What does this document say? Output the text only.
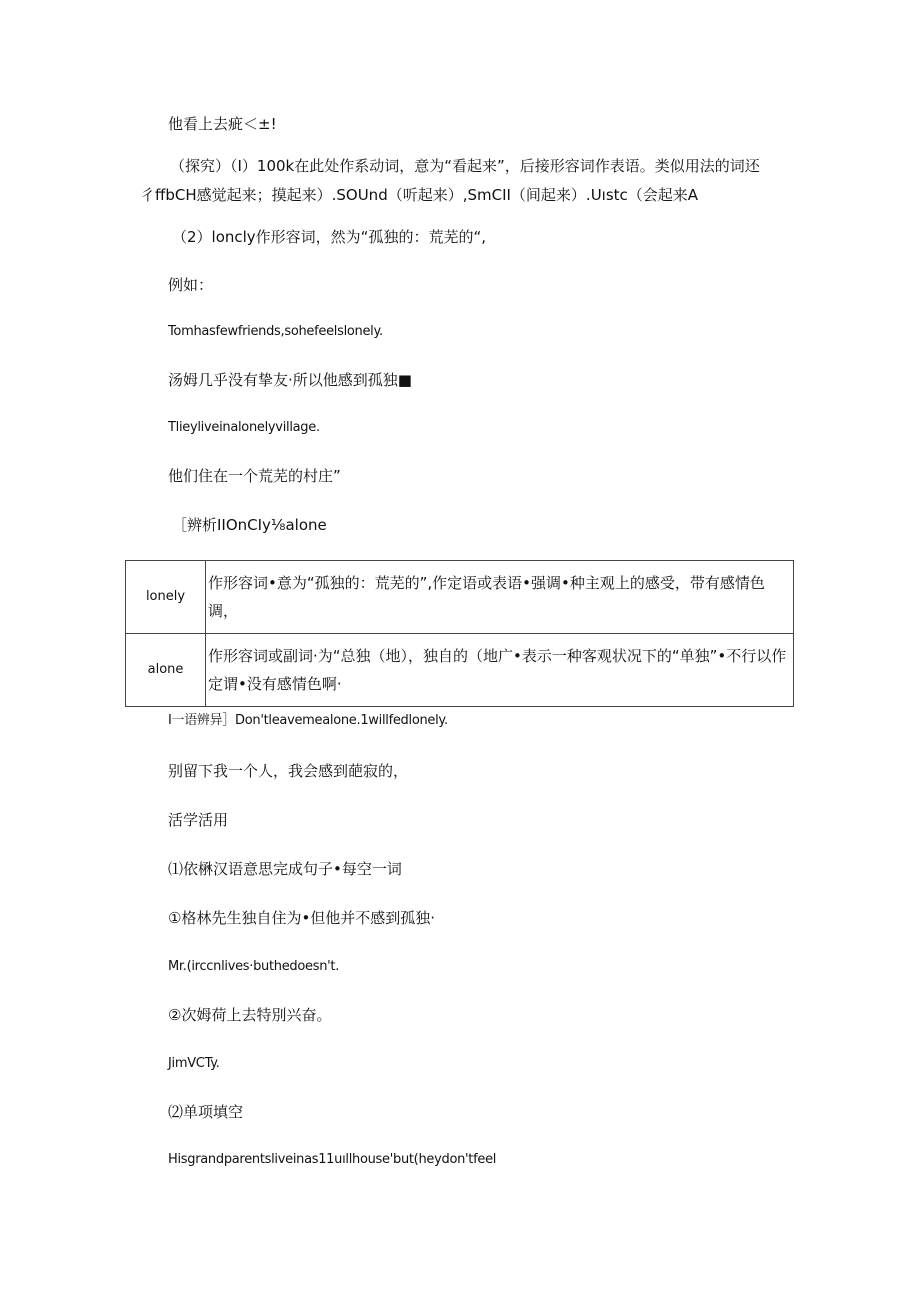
他看上去疵＜±!
（探究）（I）100k在此处作系动词，意为“看起来”，后接形容词作表语。类似用法的词还
彳ffbCH感觉起来；摸起来）.SOUnd（听起来）,SmCII（间起来）.Uıstc（会起来A
（2）loncly作形容词，然为“孤独的：荒芜的“,
例如：
Tomhasfewfriends,sohefeelslonely.
汤姆几乎没有挚友·所以他感到孤独■
Tlieyliveinalonelyvillage.
他们住在一个荒芜的村庄”
［辨析IIOnCIy⅛alone
lonely	作形容词•意为“孤独的：荒芜的”,作定语或表语•强调•种主观上的感受，带有感情色调，
alone	作形容词或副词·为“总独（地），独自的（地广•表示一种客观状况下的“单独”•不行以作定谓•没有感情色啊·
I一语辨异］Don'tleavemealone.1willfedlonely.
别留下我一个人，我会感到葩寂的，
活学活用
⑴依楙汉语意思完成句子•每空一词
①格林先生独自住为•但他并不感到孤独·
Mr.(irccnlives·buthedoesn't.
②次姆荷上去特別兴奋。
JimVCTy.
⑵单项填空
Hisgrandparentsliveinas11uıllhouse'but(heydon'tfeel
